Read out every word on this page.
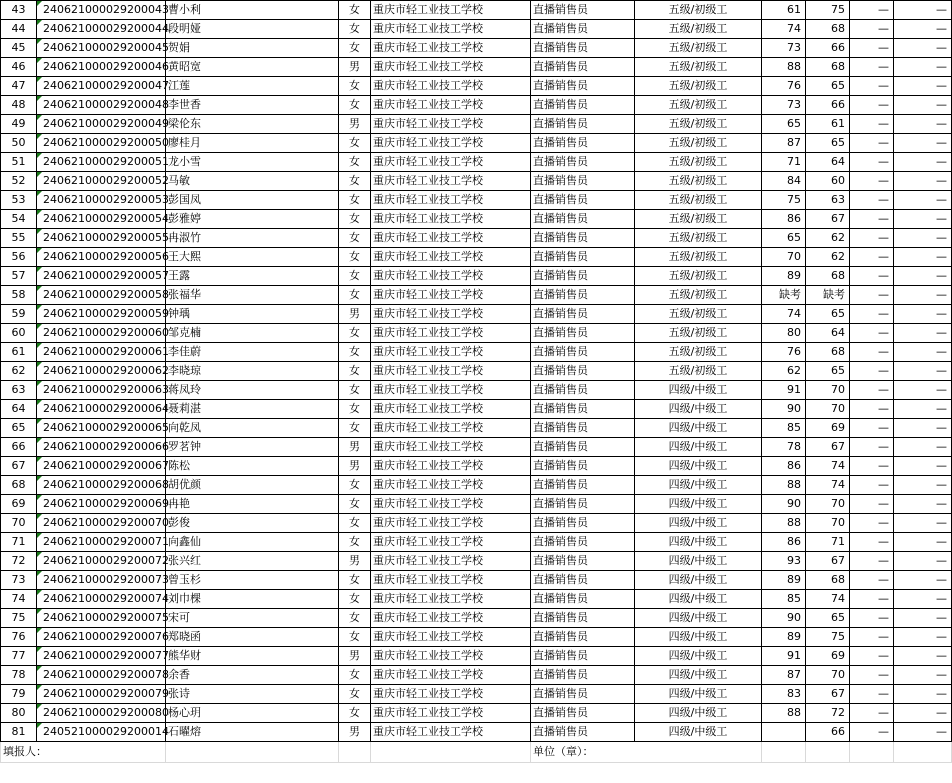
43	240621000029200043	曹小利	女	重庆市轻工业技工学校	直播销售员	五级/初级工	61	75	—	—
44	240621000029200044	段明娅	女	重庆市轻工业技工学校	直播销售员	五级/初级工	74	68	—	—
45	240621000029200045	贺娟	女	重庆市轻工业技工学校	直播销售员	五级/初级工	73	66	—	—
46	240621000029200046	黄昭宽	男	重庆市轻工业技工学校	直播销售员	五级/初级工	88	68	—	—
47	240621000029200047	江莲	女	重庆市轻工业技工学校	直播销售员	五级/初级工	76	65	—	—
48	240621000029200048	李世香	女	重庆市轻工业技工学校	直播销售员	五级/初级工	73	66	—	—
49	240621000029200049	梁伦东	男	重庆市轻工业技工学校	直播销售员	五级/初级工	65	61	—	—
50	240621000029200050	廖桂月	女	重庆市轻工业技工学校	直播销售员	五级/初级工	87	65	—	—
51	240621000029200051	龙小雪	女	重庆市轻工业技工学校	直播销售员	五级/初级工	71	64	—	—
52	240621000029200052	马敏	女	重庆市轻工业技工学校	直播销售员	五级/初级工	84	60	—	—
53	240621000029200053	彭国凤	女	重庆市轻工业技工学校	直播销售员	五级/初级工	75	63	—	—
54	240621000029200054	彭雅婷	女	重庆市轻工业技工学校	直播销售员	五级/初级工	86	67	—	—
55	240621000029200055	冉淑竹	女	重庆市轻工业技工学校	直播销售员	五级/初级工	65	62	—	—
56	240621000029200056	王大熙	女	重庆市轻工业技工学校	直播销售员	五级/初级工	70	62	—	—
57	240621000029200057	王露	女	重庆市轻工业技工学校	直播销售员	五级/初级工	89	68	—	—
58	240621000029200058	张福华	女	重庆市轻工业技工学校	直播销售员	五级/初级工	缺考	缺考	—	—
59	240621000029200059	钟瑀	男	重庆市轻工业技工学校	直播销售员	五级/初级工	74	65	—	—
60	240621000029200060	邹克楠	女	重庆市轻工业技工学校	直播销售员	五级/初级工	80	64	—	—
61	240621000029200061	李佳蔚	女	重庆市轻工业技工学校	直播销售员	五级/初级工	76	68	—	—
62	240621000029200062	李晓琼	女	重庆市轻工业技工学校	直播销售员	五级/初级工	62	65	—	—
63	240621000029200063	蒋凤玲	女	重庆市轻工业技工学校	直播销售员	四级/中级工	91	70	—	—
64	240621000029200064	聂莉湛	女	重庆市轻工业技工学校	直播销售员	四级/中级工	90	70	—	—
65	240621000029200065	向乾凤	女	重庆市轻工业技工学校	直播销售员	四级/中级工	85	69	—	—
66	240621000029200066	罗茗钟	男	重庆市轻工业技工学校	直播销售员	四级/中级工	78	67	—	—
67	240621000029200067	陈松	男	重庆市轻工业技工学校	直播销售员	四级/中级工	86	74	—	—
68	240621000029200068	胡优颜	女	重庆市轻工业技工学校	直播销售员	四级/中级工	88	74	—	—
69	240621000029200069	冉艳	女	重庆市轻工业技工学校	直播销售员	四级/中级工	90	70	—	—
70	240621000029200070	彭俊	女	重庆市轻工业技工学校	直播销售员	四级/中级工	88	70	—	—
71	240621000029200071	向鑫仙	女	重庆市轻工业技工学校	直播销售员	四级/中级工	86	71	—	—
72	240621000029200072	张兴红	男	重庆市轻工业技工学校	直播销售员	四级/中级工	93	67	—	—
73	240621000029200073	曾玉杉	女	重庆市轻工业技工学校	直播销售员	四级/中级工	89	68	—	—
74	240621000029200074	刘巾棵	女	重庆市轻工业技工学校	直播销售员	四级/中级工	85	74	—	—
75	240621000029200075	宋可	女	重庆市轻工业技工学校	直播销售员	四级/中级工	90	65	—	—
76	240621000029200076	郑晓函	女	重庆市轻工业技工学校	直播销售员	四级/中级工	89	75	—	—
77	240621000029200077	熊华财	男	重庆市轻工业技工学校	直播销售员	四级/中级工	91	69	—	—
78	240621000029200078	余香	女	重庆市轻工业技工学校	直播销售员	四级/中级工	87	70	—	—
79	240621000029200079	张诗	女	重庆市轻工业技工学校	直播销售员	四级/中级工	83	67	—	—
80	240621000029200080	杨心玥	女	重庆市轻工业技工学校	直播销售员	四级/中级工	88	72	—	—
81	240521000029200014	石曜熔	男	重庆市轻工业技工学校	直播销售员	四级/中级工		66	—	—
填报人：					单位（章）：					
